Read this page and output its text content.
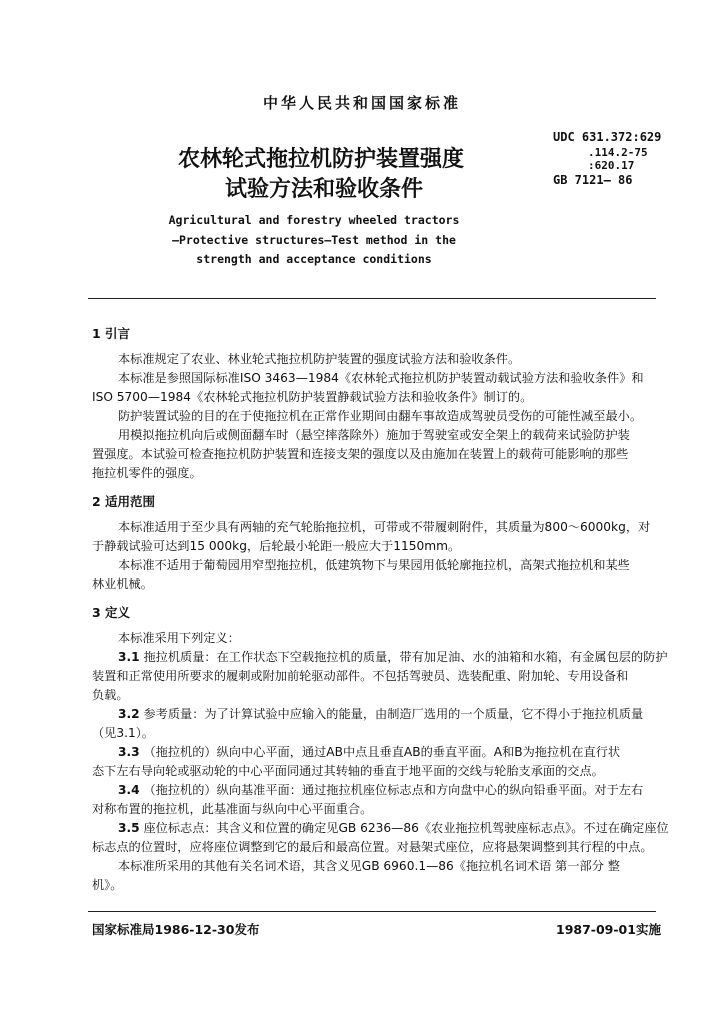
中华人民共和国国家标准
农林轮式拖拉机防护装置强度
试验方法和验收条件
UDC 631.372:629
.114.2-75
:620.17
GB 7121— 86
Agricultural and forestry wheeled tractors
—Protective structures—Test method in the
strength and acceptance conditions
1 引言
本标准规定了农业、林业轮式拖拉机防护装置的强度试验方法和验收条件。
本标准是参照国际标准ISO 3463—1984《农林轮式拖拉机防护装置动载试验方法和验收条件》和
ISO 5700—1984《农林轮式拖拉机防护装置静载试验方法和验收条件》制订的。
防护装置试验的目的在于使拖拉机在正常作业期间由翻车事故造成驾驶员受伤的可能性减至最小。
用模拟拖拉机向后或侧面翻车时（悬空摔落除外）施加于驾驶室或安全架上的载荷来试验防护装
置强度。本试验可检查拖拉机防护装置和连接支架的强度以及由施加在装置上的载荷可能影响的那些
拖拉机零件的强度。
2 适用范围
本标准适用于至少具有两轴的充气轮胎拖拉机，可带或不带履刺附件，其质量为800～6000kg，对
于静载试验可达到15 000kg，后轮最小轮距一般应大于1150mm。
本标准不适用于葡萄园用窄型拖拉机，低建筑物下与果园用低轮廓拖拉机，高架式拖拉机和某些
林业机械。
3 定义
本标准采用下列定义：
3.1 拖拉机质量：在工作状态下空载拖拉机的质量，带有加足油、水的油箱和水箱，有金属包层的防护
装置和正常使用所要求的履刺或附加前轮驱动部件。不包括驾驶员、选装配重、附加轮、专用设备和
负载。
3.2 参考质量：为了计算试验中应输入的能量，由制造厂选用的一个质量，它不得小于拖拉机质量
（见3.1）。
3.3 （拖拉机的）纵向中心平面，通过AB中点且垂直AB的垂直平面。A和B为拖拉机在直行状
态下左右导向轮或驱动轮的中心平面同通过其转轴的垂直于地平面的交线与轮胎支承面的交点。
3.4 （拖拉机的）纵向基准平面：通过拖拉机座位标志点和方向盘中心的纵向铅垂平面。对于左右
对称布置的拖拉机，此基准面与纵向中心平面重合。
3.5 座位标志点：其含义和位置的确定见GB 6236—86《农业拖拉机驾驶座标志点》。不过在确定座位
标志点的位置时，应将座位调整到它的最后和最高位置。对悬架式座位，应将悬架调整到其行程的中点。
本标准所采用的其他有关名词术语，其含义见GB 6960.1—86《拖拉机名词术语 第一部分 整
机》。
国家标准局1986-12-30发布	1987-09-01实施
